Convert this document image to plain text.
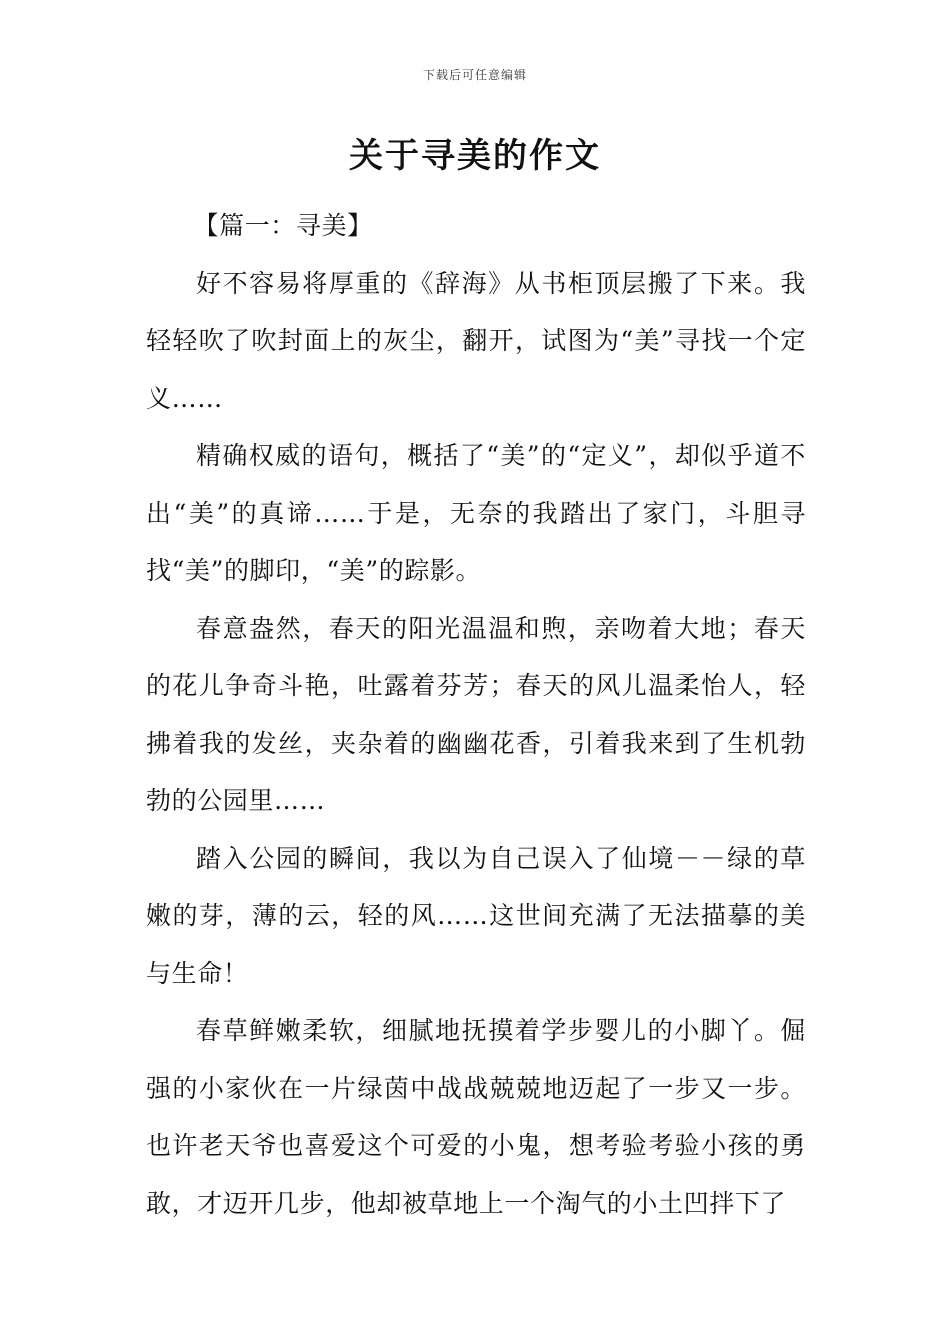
下载后可任意编辑
关于寻美的作文

【篇一：寻美】

好不容易将厚重的《辞海》从书柜顶层搬了下来。我轻轻吹了吹封面上的灰尘，翻开，试图为“美”寻找一个定义……

精确权威的语句，概括了“美”的“定义”，却似乎道不出“美”的真谛……于是，无奈的我踏出了家门，斗胆寻找“美”的脚印，“美”的踪影。

春意盎然，春天的阳光温温和煦，亲吻着大地；春天的花儿争奇斗艳，吐露着芬芳；春天的风儿温柔怡人，轻拂着我的发丝，夹杂着的幽幽花香，引着我来到了生机勃勃的公园里……

踏入公园的瞬间，我以为自己误入了仙境－－绿的草嫩的芽，薄的云，轻的风……这世间充满了无法描摹的美与生命！

春草鲜嫩柔软，细腻地抚摸着学步婴儿的小脚丫。倔强的小家伙在一片绿茵中战战兢兢地迈起了一步又一步。也许老天爷也喜爱这个可爱的小鬼，想考验考验小孩的勇敢，才迈开几步，他却被草地上一个淘气的小土凹拌下了
